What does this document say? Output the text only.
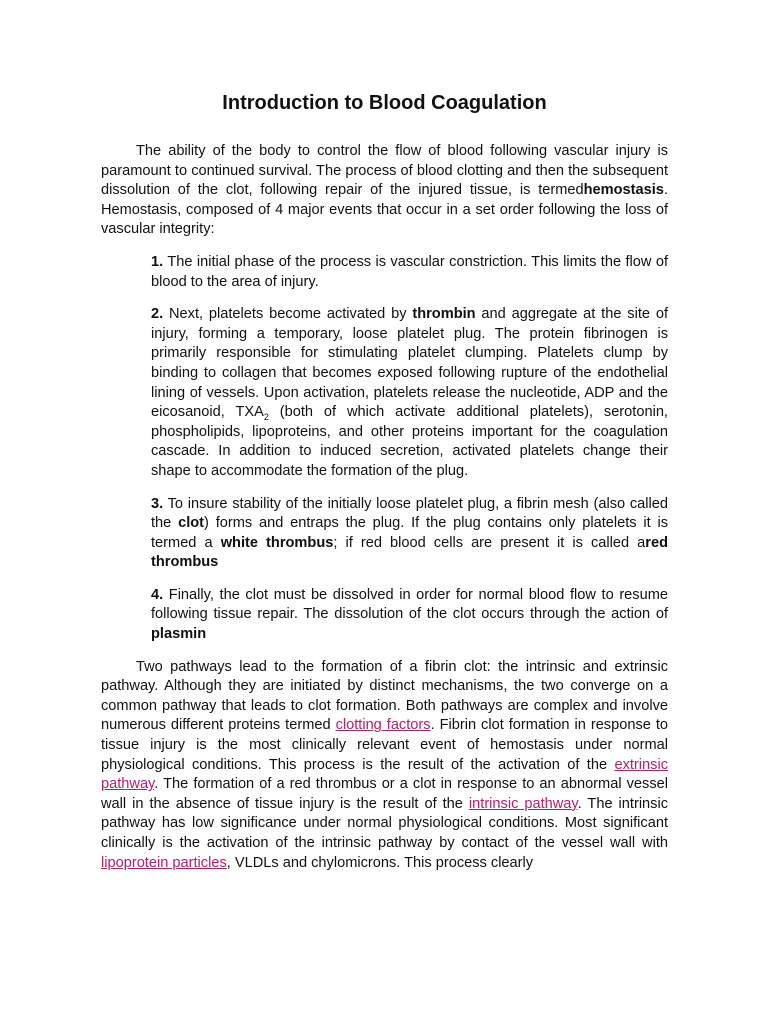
Introduction to Blood Coagulation

The ability of the body to control the flow of blood following vascular injury is paramount to continued survival. The process of blood clotting and then the subsequent dissolution of the clot, following repair of the injured tissue, is termedhemostasis. Hemostasis, composed of 4 major events that occur in a set order following the loss of vascular integrity:

1. The initial phase of the process is vascular constriction. This limits the flow of blood to the area of injury.

2. Next, platelets become activated by thrombin and aggregate at the site of injury, forming a temporary, loose platelet plug. The protein fibrinogen is primarily responsible for stimulating platelet clumping. Platelets clump by binding to collagen that becomes exposed following rupture of the endothelial lining of vessels. Upon activation, platelets release the nucleotide, ADP and the eicosanoid, $TXA_2$ (both of which activate additional platelets), serotonin, phospholipids, lipoproteins, and other proteins important for the coagulation cascade. In addition to induced secretion, activated platelets change their shape to accommodate the formation of the plug.

3. To insure stability of the initially loose platelet plug, a fibrin mesh (also called the clot) forms and entraps the plug. If the plug contains only platelets it is termed a white thrombus; if red blood cells are present it is called ared thrombus

4. Finally, the clot must be dissolved in order for normal blood flow to resume following tissue repair. The dissolution of the clot occurs through the action of plasmin

Two pathways lead to the formation of a fibrin clot: the intrinsic and extrinsic pathway. Although they are initiated by distinct mechanisms, the two converge on a common pathway that leads to clot formation. Both pathways are complex and involve numerous different proteins termed clotting factors. Fibrin clot formation in response to tissue injury is the most clinically relevant event of hemostasis under normal physiological conditions. This process is the result of the activation of the extrinsic pathway. The formation of a red thrombus or a clot in response to an abnormal vessel wall in the absence of tissue injury is the result of the intrinsic pathway. The intrinsic pathway has low significance under normal physiological conditions. Most significant clinically is the activation of the intrinsic pathway by contact of the vessel wall with lipoprotein particles, VLDLs and chylomicrons. This process clearly
